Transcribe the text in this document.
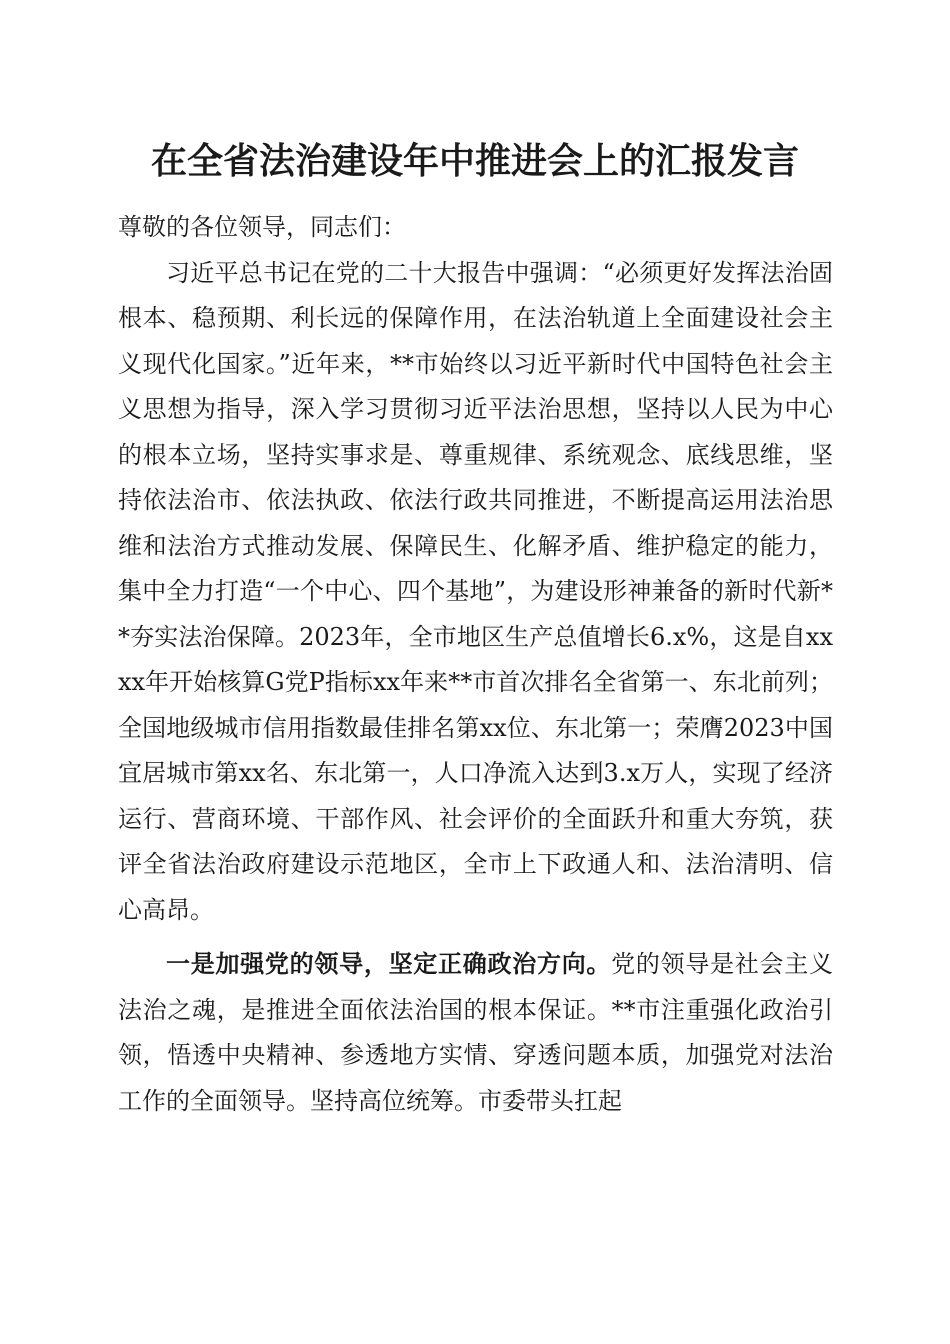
在全省法治建设年中推进会上的汇报发言

尊敬的各位领导，同志们：

习近平总书记在党的二十大报告中强调：“必须更好发挥法治固根本、稳预期、利长远的保障作用，在法治轨道上全面建设社会主义现代化国家。”近年来，**市始终以习近平新时代中国特色社会主义思想为指导，深入学习贯彻习近平法治思想，坚持以人民为中心的根本立场，坚持实事求是、尊重规律、系统观念、底线思维，坚持依法治市、依法执政、依法行政共同推进，不断提高运用法治思维和法治方式推动发展、保障民生、化解矛盾、维护稳定的能力，集中全力打造“一个中心、四个基地”，为建设形神兼备的新时代新**夯实法治保障。2023年，全市地区生产总值增长6.x%，这是自xxxx年开始核算G党P指标xx年来**市首次排名全省第一、东北前列；全国地级城市信用指数最佳排名第xx位、东北第一；荣膺2023中国宜居城市第xx名、东北第一，人口净流入达到3.x万人，实现了经济运行、营商环境、干部作风、社会评价的全面跃升和重大夯筑，获评全省法治政府建设示范地区，全市上下政通人和、法治清明、信心高昂。

一是加强党的领导，坚定正确政治方向。党的领导是社会主义法治之魂，是推进全面依法治国的根本保证。**市注重强化政治引领，悟透中央精神、参透地方实情、穿透问题本质，加强党对法治工作的全面领导。坚持高位统筹。市委带头扛起
